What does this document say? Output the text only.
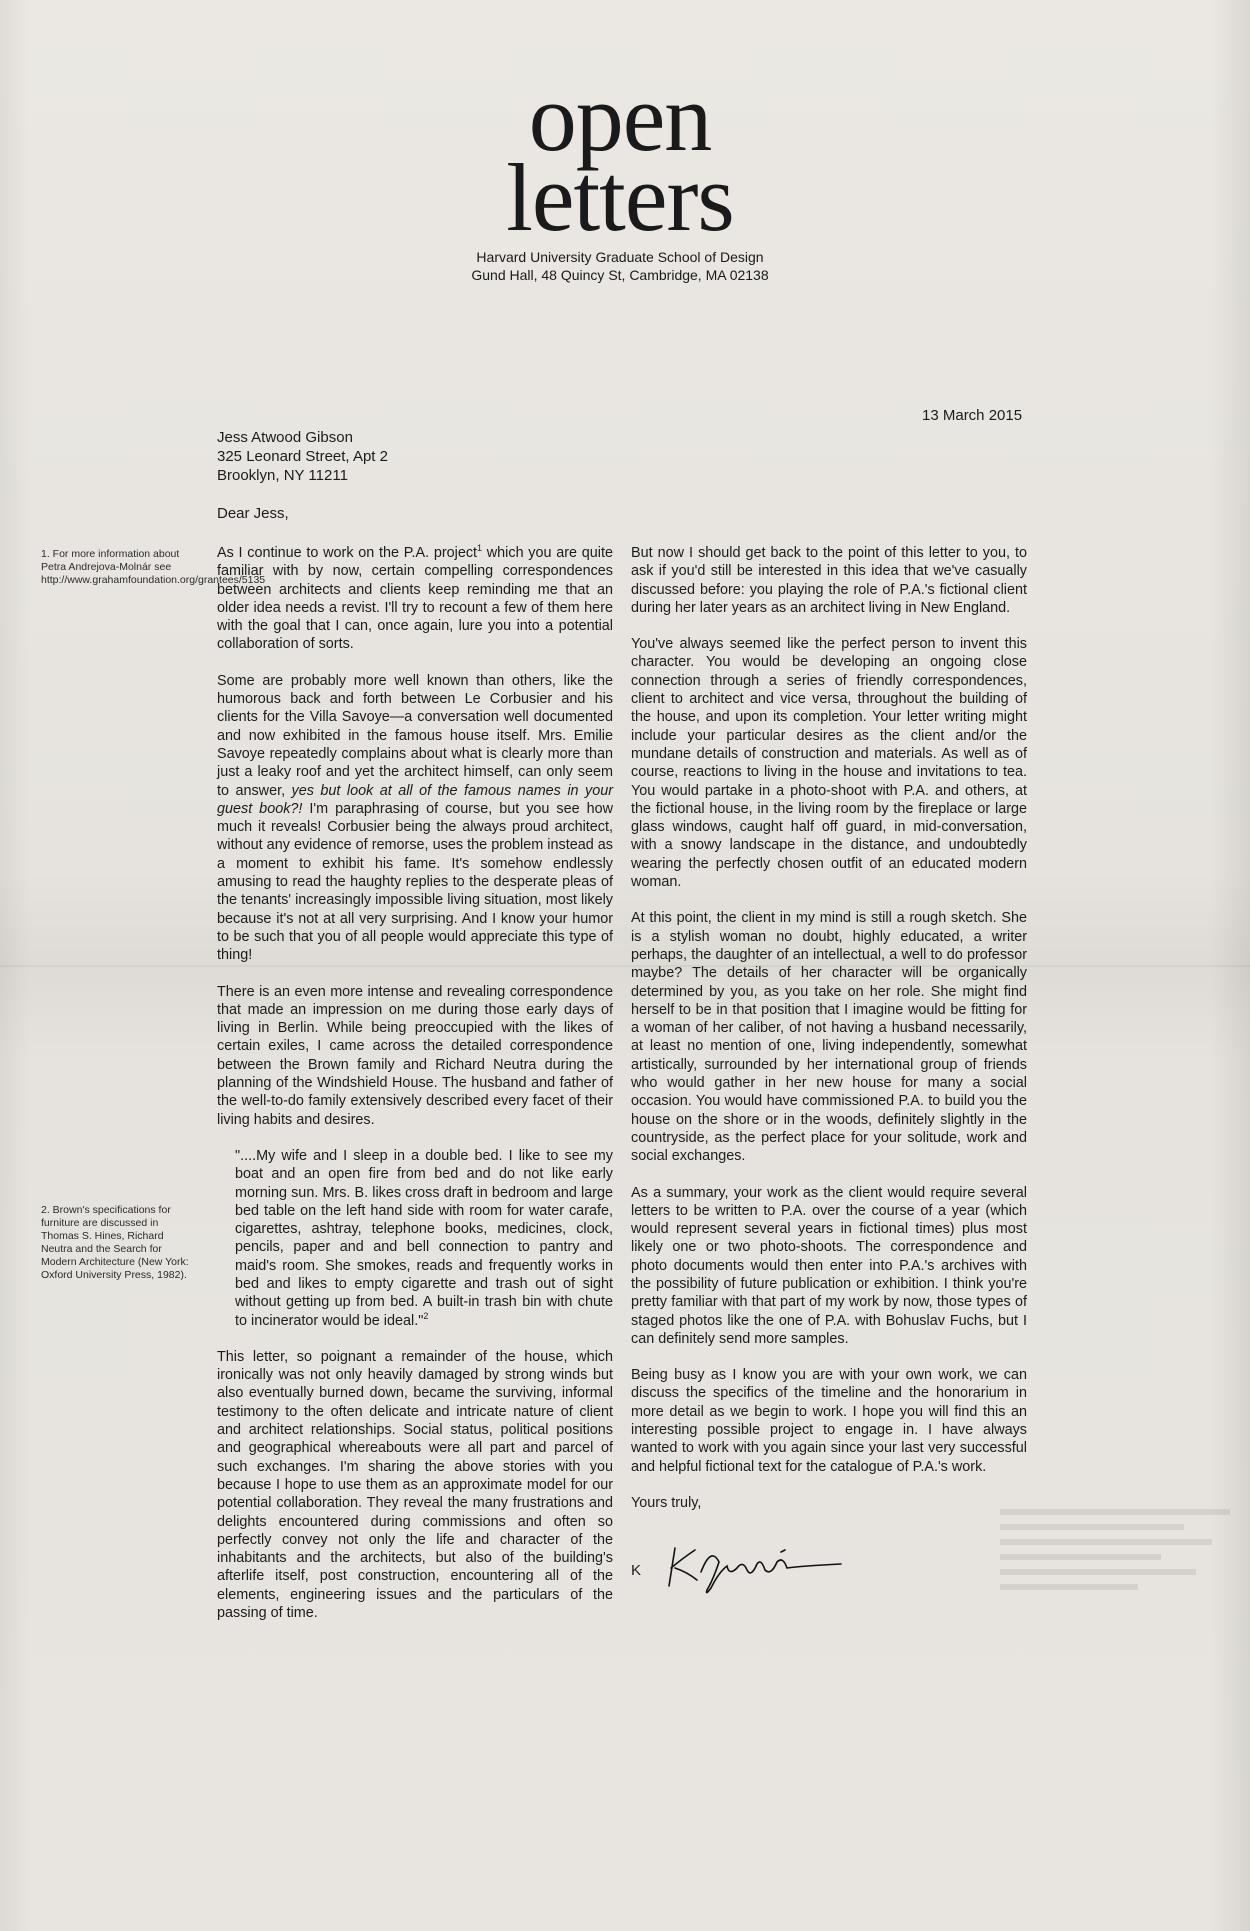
open
letters
Harvard University Graduate School of Design
Gund Hall, 48 Quincy St, Cambridge, MA 02138
13 March 2015
Jess Atwood Gibson
325 Leonard Street, Apt 2
Brooklyn, NY 11211
Dear Jess,
1. For more information about Petra Andrejova-Molnár see http://www.grahamfoundation.org/grantees/5135
2. Brown's specifications for furniture are discussed in Thomas S. Hines, Richard Neutra and the Search for Modern Architecture (New York: Oxford University Press, 1982).

As I continue to work on the P.A. project$^1$ which you are quite familiar with by now, certain compelling correspondences between architects and clients keep reminding me that an older idea needs a revist. I'll try to recount a few of them here with the goal that I can, once again, lure you into a potential collaboration of sorts.

Some are probably more well known than others, like the humorous back and forth between Le Corbusier and his clients for the Villa Savoye—a conversation well documented and now exhibited in the famous house itself. Mrs. Emilie Savoye repeatedly complains about what is clearly more than just a leaky roof and yet the architect himself, can only seem to answer, yes but look at all of the famous names in your guest book?! I'm paraphrasing of course, but you see how much it reveals! Corbusier being the always proud architect, without any evidence of remorse, uses the problem instead as a moment to exhibit his fame. It's somehow endlessly amusing to read the haughty replies to the desperate pleas of the tenants' increasingly impossible living situation, most likely because it's not at all very surprising. And I know your humor to be such that you of all people would appreciate this type of thing!

There is an even more intense and revealing correspondence that made an impression on me during those early days of living in Berlin. While being preoccupied with the likes of certain exiles, I came across the detailed correspondence between the Brown family and Richard Neutra during the planning of the Windshield House. The husband and father of the well-to-do family extensively described every facet of their living habits and desires.

"....My wife and I sleep in a double bed. I like to see my boat and an open fire from bed and do not like early morning sun. Mrs. B. likes cross draft in bedroom and large bed table on the left hand side with room for water carafe, cigarettes, ashtray, telephone books, medicines, clock, pencils, paper and and bell connection to pantry and maid's room. She smokes, reads and frequently works in bed and likes to empty cigarette and trash out of sight without getting up from bed. A built-in trash bin with chute to incinerator would be ideal."$^2$

This letter, so poignant a remainder of the house, which ironically was not only heavily damaged by strong winds but also eventually burned down, became the surviving, informal testimony to the often delicate and intricate nature of client and architect relationships. Social status, political positions and geographical whereabouts were all part and parcel of such exchanges. I'm sharing the above stories with you because I hope to use them as an approximate model for our potential collaboration. They reveal the many frustrations and delights encountered during commissions and often so perfectly convey not only the life and character of the inhabitants and the architects, but also of the building's afterlife itself, post construction, encountering all of the elements, engineering issues and the particulars of the passing of time.

But now I should get back to the point of this letter to you, to ask if you'd still be interested in this idea that we've casually discussed before: you playing the role of P.A.'s fictional client during her later years as an architect living in New England.

You've always seemed like the perfect person to invent this character. You would be developing an ongoing close connection through a series of friendly correspondences, client to architect and vice versa, throughout the building of the house, and upon its completion. Your letter writing might include your particular desires as the client and/or the mundane details of construction and materials. As well as of course, reactions to living in the house and invitations to tea. You would partake in a photo-shoot with P.A. and others, at the fictional house, in the living room by the fireplace or large glass windows, caught half off guard, in mid-conversation, with a snowy landscape in the distance, and undoubtedly wearing the perfectly chosen outfit of an educated modern woman.

At this point, the client in my mind is still a rough sketch. She is a stylish woman no doubt, highly educated, a writer perhaps, the daughter of an intellectual, a well to do professor maybe? The details of her character will be organically determined by you, as you take on her role. She might find herself to be in that position that I imagine would be fitting for a woman of her caliber, of not having a husband necessarily, at least no mention of one, living independently, somewhat artistically, surrounded by her international group of friends who would gather in her new house for many a social occasion. You would have commissioned P.A. to build you the house on the shore or in the woods, definitely slightly in the countryside, as the perfect place for your solitude, work and social exchanges.

As a summary, your work as the client would require several letters to be written to P.A. over the course of a year (which would represent several years in fictional times) plus most likely one or two photo-shoots. The correspondence and photo documents would then enter into P.A.'s archives with the possibility of future publication or exhibition. I think you're pretty familiar with that part of my work by now, those types of staged photos like the one of P.A. with Bohuslav Fuchs, but I can definitely send more samples.

Being busy as I know you are with your own work, we can discuss the specifics of the timeline and the honorarium in more detail as we begin to work. I hope you will find this an interesting possible project to engage in. I have always wanted to work with you again since your last very successful and helpful fictional text for the catalogue of P.A.'s work.

Yours truly,

K
